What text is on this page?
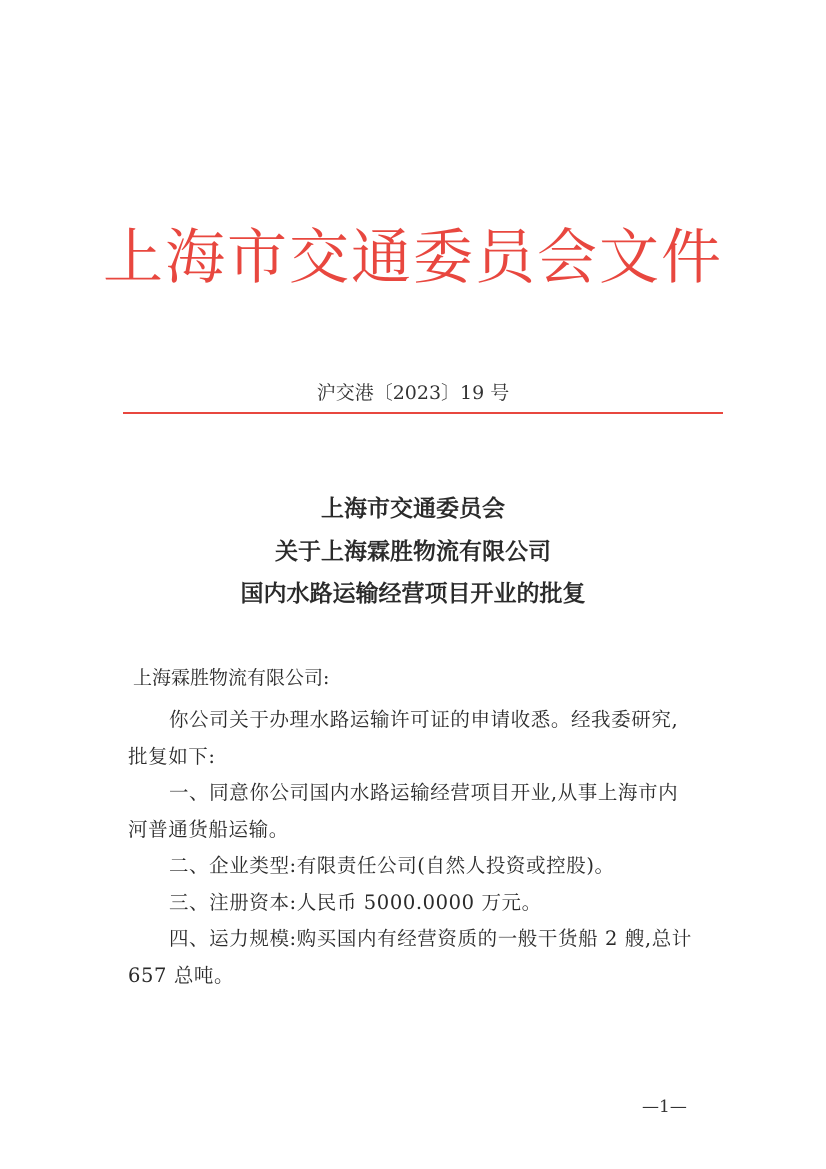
上海市交通委员会文件
沪交港〔2023〕19 号
上海市交通委员会
关于上海霖胜物流有限公司
国内水路运输经营项目开业的批复
上海霖胜物流有限公司:

你公司关于办理水路运输许可证的申请收悉。经我委研究,批复如下:

一、同意你公司国内水路运输经营项目开业,从事上海市内河普通货船运输。

二、企业类型:有限责任公司(自然人投资或控股)。

三、注册资本:人民币 5000.0000 万元。

四、运力规模:购买国内有经营资质的一般干货船 2 艘,总计 657 总吨。

—1—
